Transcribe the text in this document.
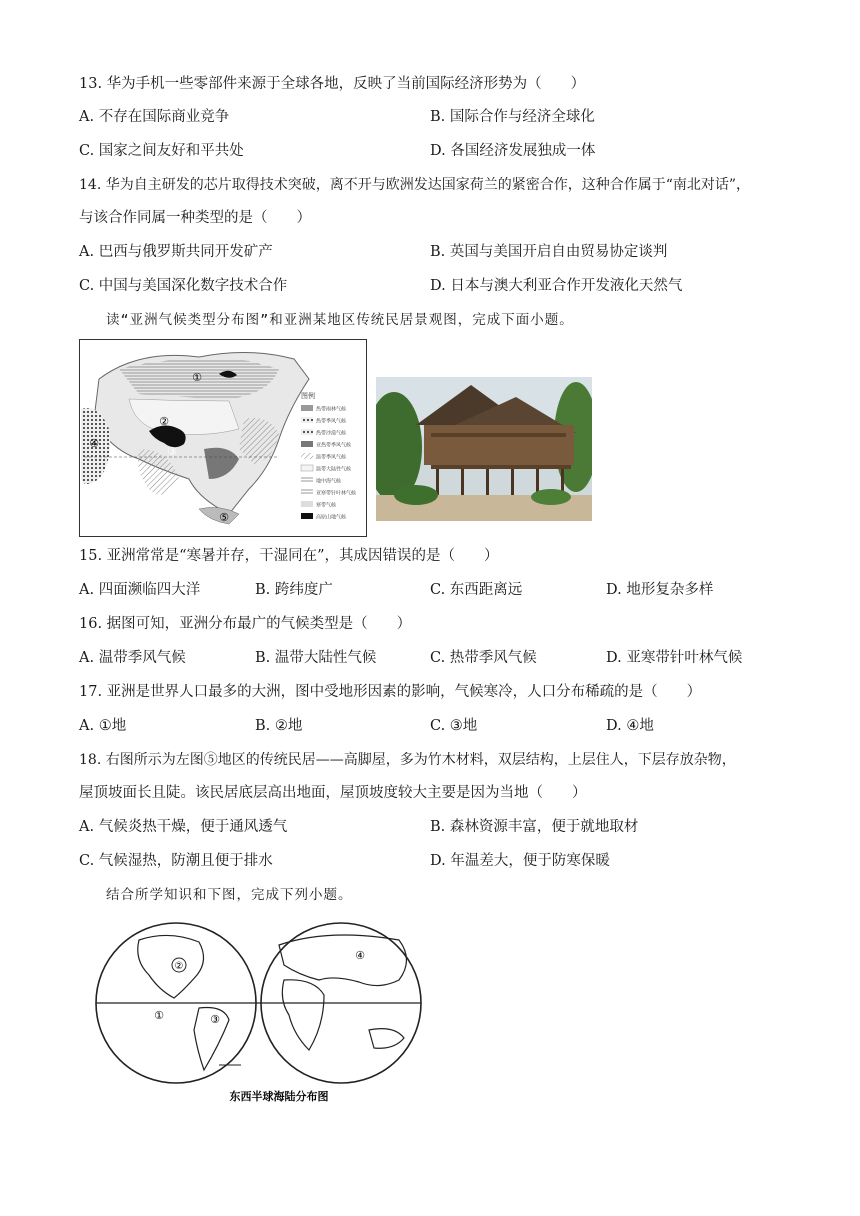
13. 华为手机一些零部件来源于全球各地，反映了当前国际经济形势为（　　）
A. 不存在国际商业竞争	B. 国际合作与经济全球化
C. 国家之间友好和平共处	D. 各国经济发展独成一体
14. 华为自主研发的芯片取得技术突破，离不开与欧洲发达国家荷兰的紧密合作，这种合作属于“南北对话”，
与该合作同属一种类型的是（　　）
A. 巴西与俄罗斯共同开发矿产	B. 英国与美国开启自由贸易协定谈判
C. 中国与美国深化数字技术合作	D. 日本与澳大利亚合作开发液化天然气
读“亚洲气候类型分布图”和亚洲某地区传统民居景观图，完成下面小题。
①
②
③
④
⑤
图例
热带雨林气候
热带季风气候
热带沙漠气候
亚热带季风气候
温带季风气候
温带大陆性气候
地中海气候
亚寒带针叶林气候
寒带气候
高原山地气候
15. 亚洲常常是“寒暑并存，干湿同在”，其成因错误的是（　　）
A. 四面濒临四大洋	B. 跨纬度广	C. 东西距离远	D. 地形复杂多样
16. 据图可知，亚洲分布最广的气候类型是（　　）
A. 温带季风气候	B. 温带大陆性气候	C. 热带季风气候	D. 亚寒带针叶林气候
17. 亚洲是世界人口最多的大洲，图中受地形因素的影响，气候寒冷，人口分布稀疏的是（　　）
A. ①地	B. ②地	C. ③地	D. ④地
18. 右图所示为左图⑤地区的传统民居——高脚屋，多为竹木材料，双层结构，上层住人，下层存放杂物，
屋顶坡面长且陡。该民居底层高出地面，屋顶坡度较大主要是因为当地（　　）
A. 气候炎热干燥，便于通风透气	B. 森林资源丰富，便于就地取材
C. 气候湿热，防潮且便于排水	D. 年温差大，便于防寒保暖
结合所学知识和下图，完成下列小题。
②
①	③
④
东西半球海陆分布图
